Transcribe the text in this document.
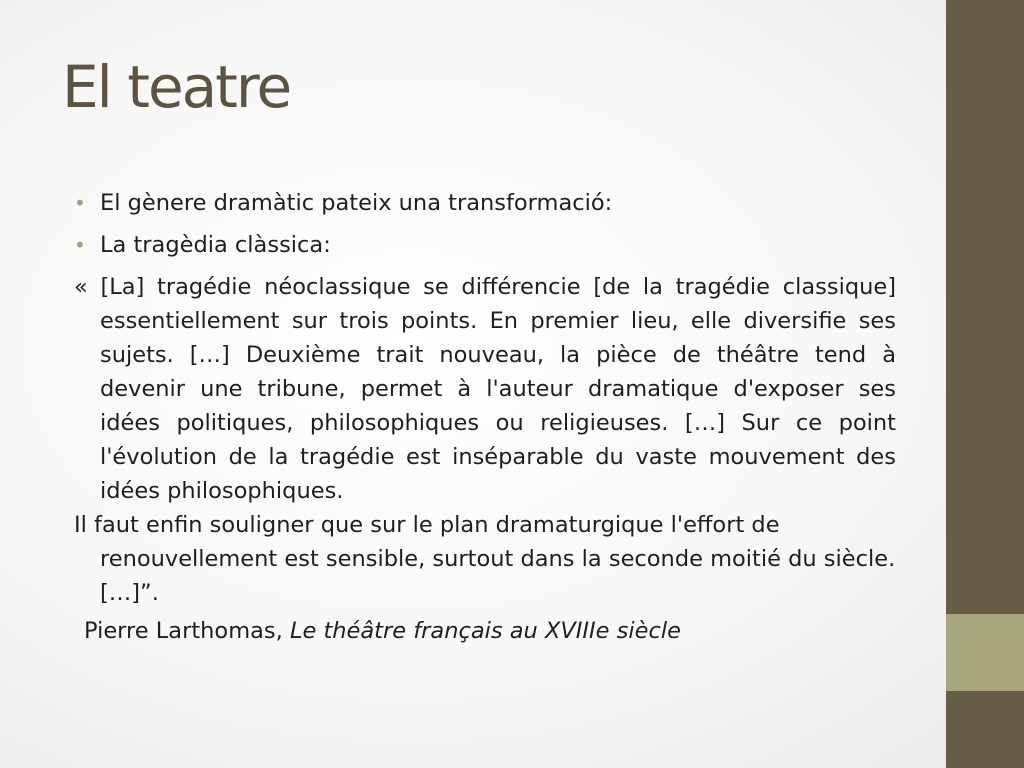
El teatre
• El gènere dramàtic pateix una transformació:
• La tragèdia clàssica:

« [La] tragédie néoclassique se différencie [de la tragédie classique] essentiellement sur trois points. En premier lieu, elle diversifie ses sujets. […] Deuxième trait nouveau, la pièce de théâtre tend à devenir une tribune, permet à l'auteur dramatique d'exposer ses idées politiques, philosophiques ou religieuses. […] Sur ce point l'évolution de la tragédie est inséparable du vaste mouvement des idées philosophiques.

Il faut enfin souligner que sur le plan dramaturgique l'effort de renouvellement est sensible, surtout dans la seconde moitié du siècle. […]”.

Pierre Larthomas, Le théâtre français au XVIIIe siècle
